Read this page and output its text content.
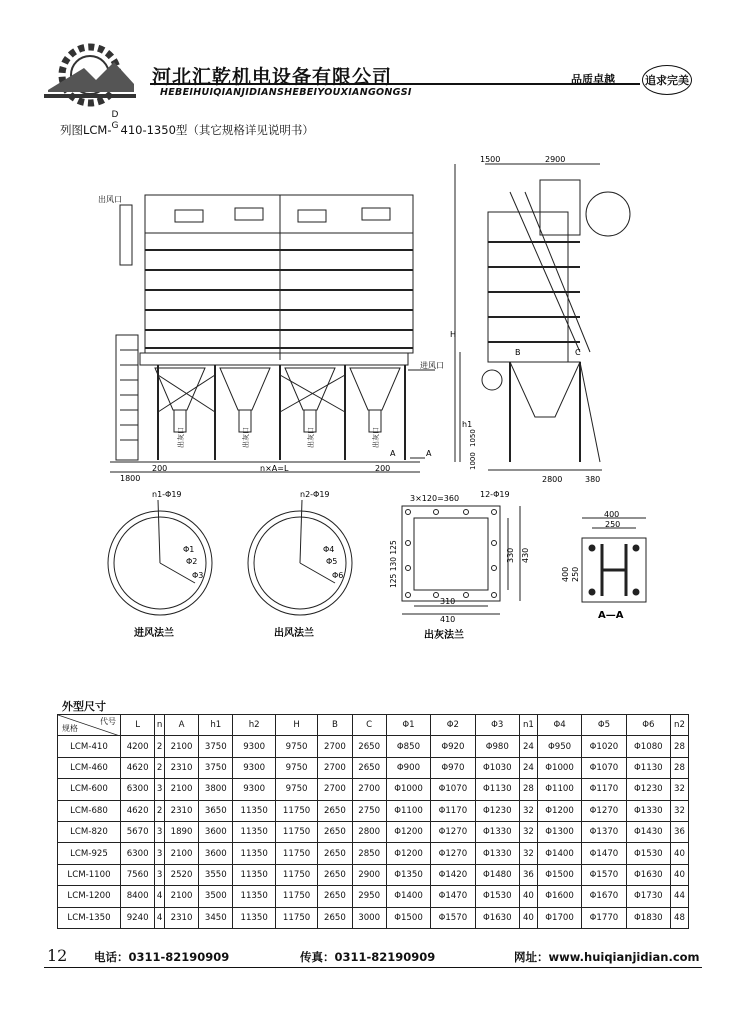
河北汇乾机电设备有限公司
HEBEIHUIQIANJIDIANSHEBEIYOUXIANGONGSI
品质卓越	追求完美
列图LCM-
D
G 410-1350型（其它规格详见说明书）
出风口
进风口
1800
200	200
n×A=L
A	A
出灰口	出灰口	出灰口	出灰口
1500	2900
H
h1
1050
1000
B	C
2800	380
n1-Φ19
Φ1
Φ2
Φ3
进风法兰
n2-Φ19
Φ4
Φ5
Φ6
出风法兰
3×120=360	12-Φ19
125 130 125	330 430
310
410
出灰法兰
400
250
400 250
A—A
外型尺寸
代号
规格	L	n	A	h1	h2	H	B	C	Φ1	Φ2	Φ3	n1	Φ4	Φ5	Φ6	n2
LCM-410	4200	2	2100	3750	9300	9750	2700	2650	Φ850	Φ920	Φ980	24	Φ950	Φ1020	Φ1080	28
LCM-460	4620	2	2310	3750	9300	9750	2700	2650	Φ900	Φ970	Φ1030	24	Φ1000	Φ1070	Φ1130	28
LCM-600	6300	3	2100	3800	9300	9750	2700	2700	Φ1000	Φ1070	Φ1130	28	Φ1100	Φ1170	Φ1230	32
LCM-680	4620	2	2310	3650	11350	11750	2650	2750	Φ1100	Φ1170	Φ1230	32	Φ1200	Φ1270	Φ1330	32
LCM-820	5670	3	1890	3600	11350	11750	2650	2800	Φ1200	Φ1270	Φ1330	32	Φ1300	Φ1370	Φ1430	36
LCM-925	6300	3	2100	3600	11350	11750	2650	2850	Φ1200	Φ1270	Φ1330	32	Φ1400	Φ1470	Φ1530	40
LCM-1100	7560	3	2520	3550	11350	11750	2650	2900	Φ1350	Φ1420	Φ1480	36	Φ1500	Φ1570	Φ1630	40
LCM-1200	8400	4	2100	3500	11350	11750	2650	2950	Φ1400	Φ1470	Φ1530	40	Φ1600	Φ1670	Φ1730	44
LCM-1350	9240	4	2310	3450	11350	11750	2650	3000	Φ1500	Φ1570	Φ1630	40	Φ1700	Φ1770	Φ1830	48
12 电话：0311-82190909	传真：0311-82190909	网址：www.huiqianjidian.com
